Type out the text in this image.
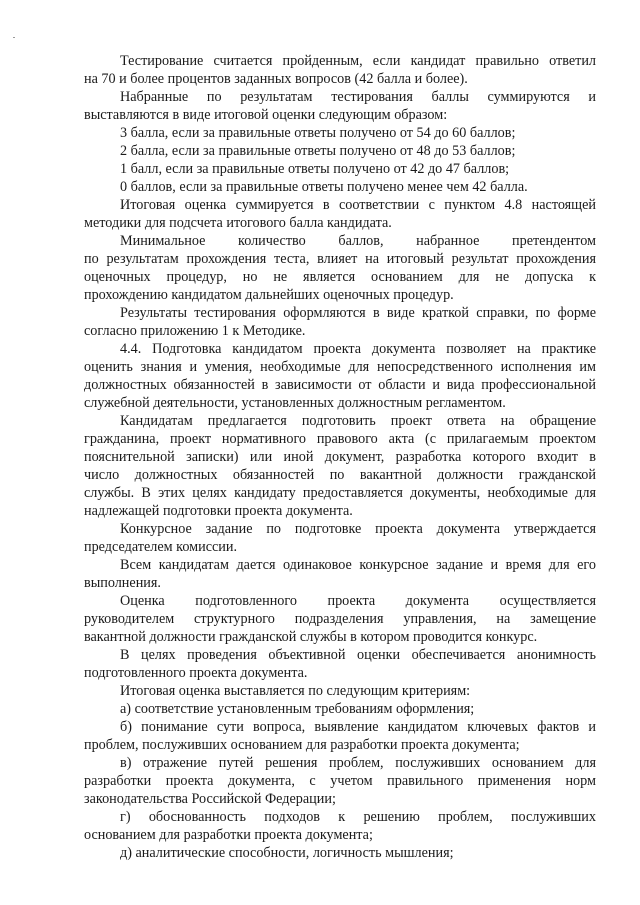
Тестирование считается пройденным, если кандидат правильно ответил
на 70 и более процентов заданных вопросов (42 балла и более).
Набранные по результатам тестирования баллы суммируются и
выставляются в виде итоговой оценки следующим образом:
3 балла, если за правильные ответы получено от 54 до 60 баллов;
2 балла, если за правильные ответы получено от 48 до 53 баллов;
1 балл, если за правильные ответы получено от 42 до 47 баллов;
0 баллов, если за правильные ответы получено менее чем 42 балла.
Итоговая оценка суммируется в соответствии с пунктом 4.8 настоящей
методики для подсчета итогового балла кандидата.
Минимальное количество баллов, набранное претендентом
по результатам прохождения теста, влияет на итоговый результат прохождения
оценочных процедур, но не является основанием для не допуска к
прохождению кандидатом дальнейших оценочных процедур.
Результаты тестирования оформляются в виде краткой справки, по форме
согласно приложению 1 к Методике.
4.4. Подготовка кандидатом проекта документа позволяет на практике
оценить знания и умения, необходимые для непосредственного исполнения им
должностных обязанностей в зависимости от области и вида профессиональной
служебной деятельности, установленных должностным регламентом.
Кандидатам предлагается подготовить проект ответа на обращение
гражданина, проект нормативного правового акта (с прилагаемым проектом
пояснительной записки) или иной документ, разработка которого входит в
число должностных обязанностей по вакантной должности гражданской
службы. В этих целях кандидату предоставляется документы, необходимые для
надлежащей подготовки проекта документа.
Конкурсное задание по подготовке проекта документа утверждается
председателем комиссии.
Всем кандидатам дается одинаковое конкурсное задание и время для его
выполнения.
Оценка подготовленного проекта документа осуществляется
руководителем структурного подразделения управления, на замещение
вакантной должности гражданской службы в котором проводится конкурс.
В целях проведения объективной оценки обеспечивается анонимность
подготовленного проекта документа.
Итоговая оценка выставляется по следующим критериям:
а) соответствие установленным требованиям оформления;
б) понимание сути вопроса, выявление кандидатом ключевых фактов и
проблем, послуживших основанием для разработки проекта документа;
в) отражение путей решения проблем, послуживших основанием для
разработки проекта документа, с учетом правильного применения норм
законодательства Российской Федерации;
г) обоснованность подходов к решению проблем, послуживших
основанием для разработки проекта документа;
д) аналитические способности, логичность мышления;
